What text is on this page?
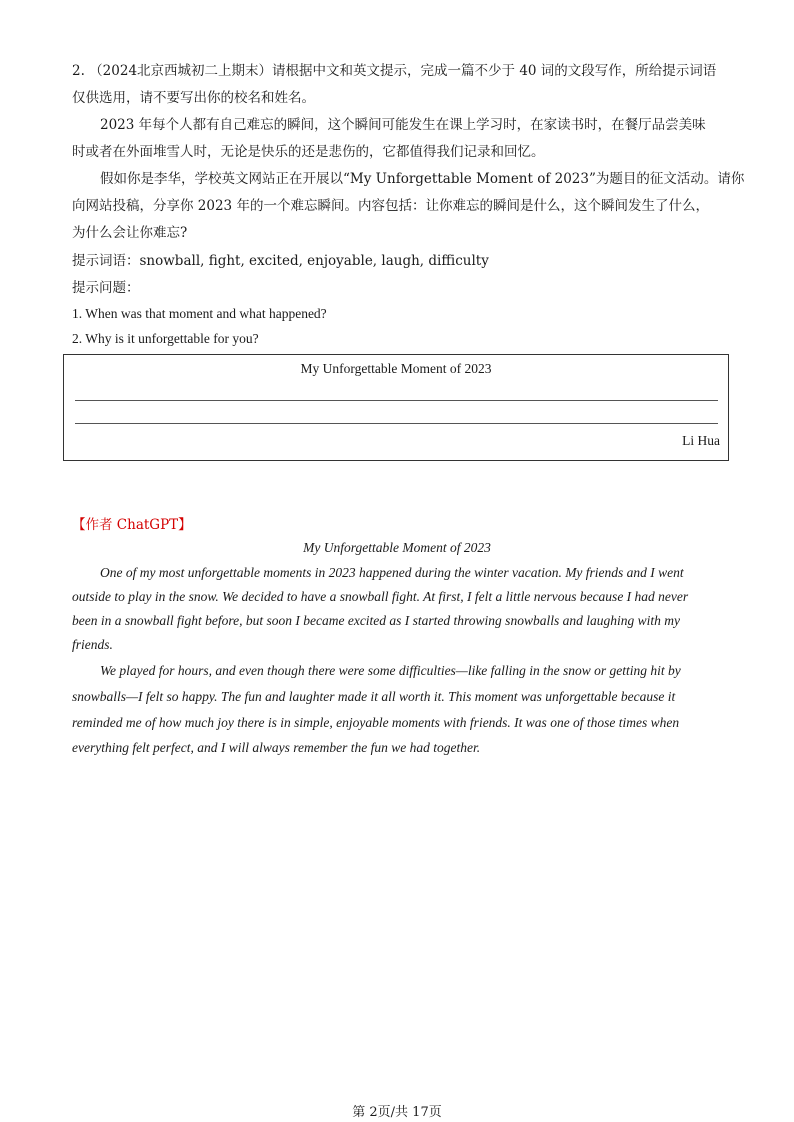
2. （2024北京西城初二上期末）请根据中文和英文提示，完成一篇不少于 40 词的文段写作，所给提示词语
仅供选用，请不要写出你的校名和姓名。
2023 年每个人都有自己难忘的瞬间，这个瞬间可能发生在课上学习时，在家读书时，在餐厅品尝美味
时或者在外面堆雪人时，无论是快乐的还是悲伤的，它都值得我们记录和回忆。
假如你是李华，学校英文网站正在开展以“My Unforgettable Moment of 2023”为题目的征文活动。请你
向网站投稿，分享你 2023 年的一个难忘瞬间。内容包括：让你难忘的瞬间是什么，这个瞬间发生了什么，
为什么会让你难忘?
提示词语：snowball, fight, excited, enjoyable, laugh, difficulty
提示问题：
1. When was that moment and what happened?
2. Why is it unforgettable for you?
My Unforgettable Moment of 2023
Li Hua
【作者 ChatGPT】
My Unforgettable Moment of 2023
One of my most unforgettable moments in 2023 happened during the winter vacation. My friends and I went
outside to play in the snow. We decided to have a snowball fight. At first, I felt a little nervous because I had never
been in a snowball fight before, but soon I became excited as I started throwing snowballs and laughing with my
friends.
We played for hours, and even though there were some difficulties—like falling in the snow or getting hit by
snowballs—I felt so happy. The fun and laughter made it all worth it. This moment was unforgettable because it
reminded me of how much joy there is in simple, enjoyable moments with friends. It was one of those times when
everything felt perfect, and I will always remember the fun we had together.
第 2页/共 17页
